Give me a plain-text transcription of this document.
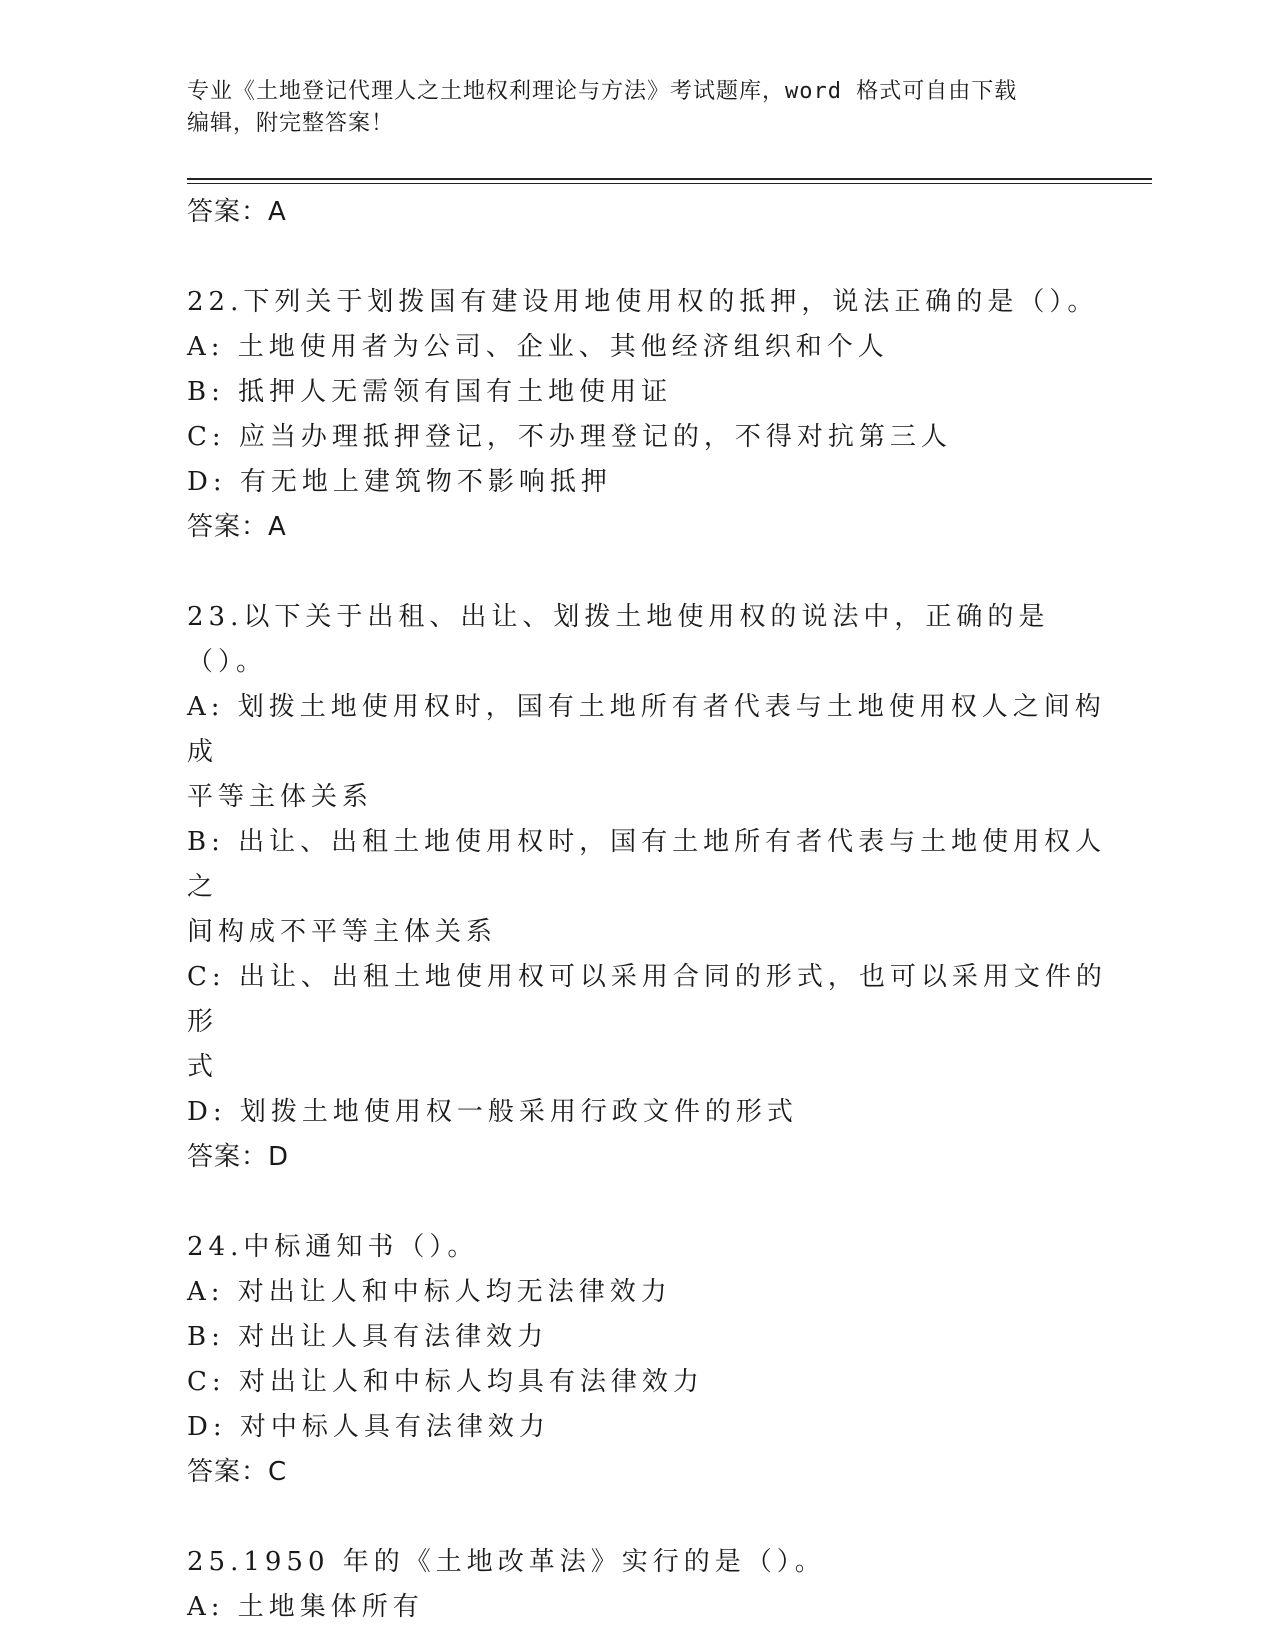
专业《土地登记代理人之土地权利理论与方法》考试题库，word 格式可自由下载
编辑，附完整答案！
答案：A
22.下列关于划拨国有建设用地使用权的抵押，说法正确的是（）。
A: 土地使用者为公司、企业、其他经济组织和个人
B: 抵押人无需领有国有土地使用证
C: 应当办理抵押登记，不办理登记的，不得对抗第三人
D: 有无地上建筑物不影响抵押
答案：A
23.以下关于出租、出让、划拨土地使用权的说法中，正确的是（）。
A: 划拨土地使用权时，国有土地所有者代表与土地使用权人之间构成
平等主体关系
B: 出让、出租土地使用权时，国有土地所有者代表与土地使用权人之
间构成不平等主体关系
C: 出让、出租土地使用权可以采用合同的形式，也可以采用文件的形
式
D: 划拨土地使用权一般采用行政文件的形式
答案：D
24.中标通知书（）。
A: 对出让人和中标人均无法律效力
B: 对出让人具有法律效力
C: 对出让人和中标人均具有法律效力
D: 对中标人具有法律效力
答案：C
25.1950 年的《土地改革法》实行的是（）。
A: 土地集体所有
